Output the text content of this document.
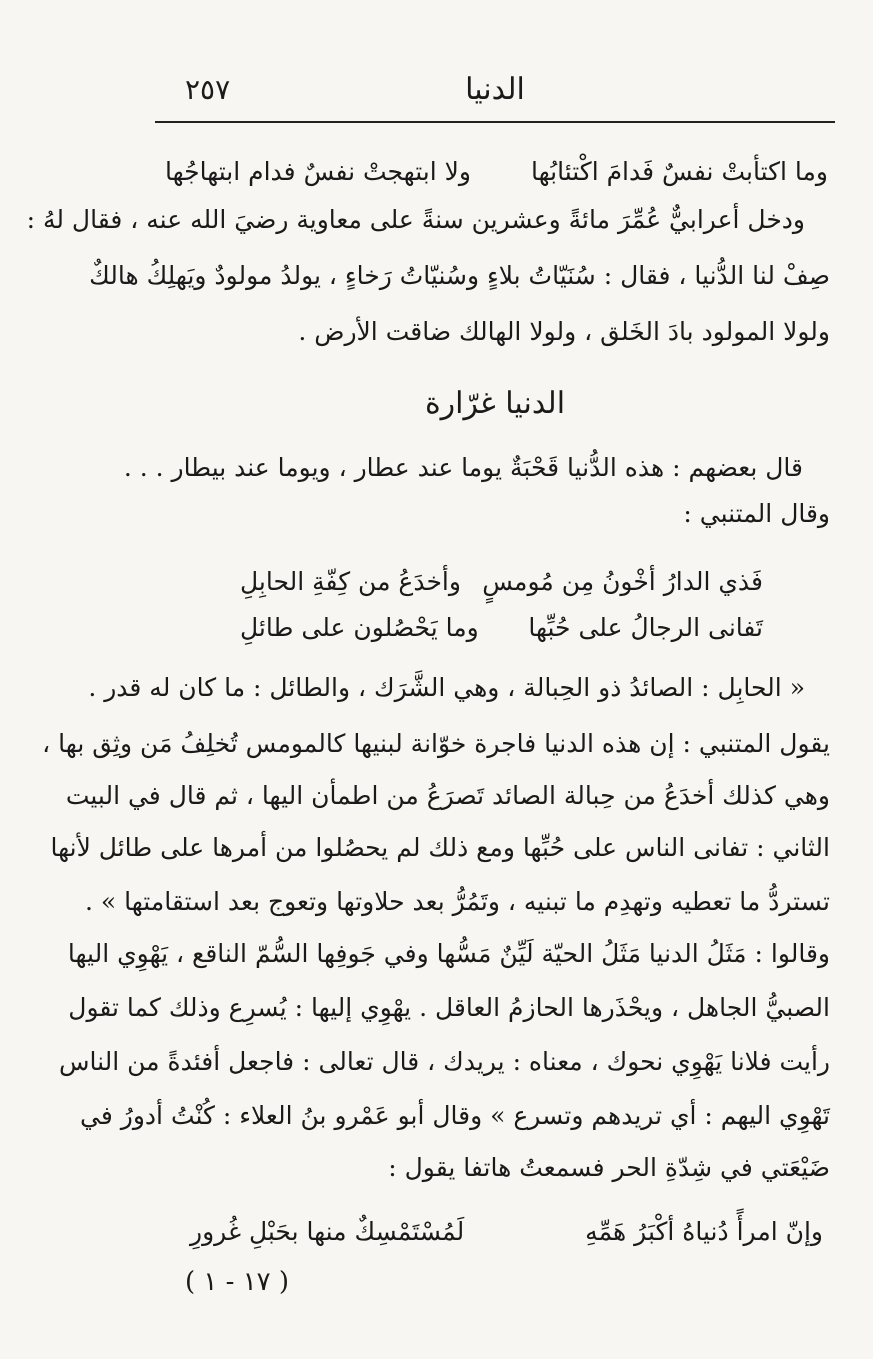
الدنيا
٢٥٧
وما اكتأبتْ نفسٌ فَدامَ اكْتئابُها
ولا ابتهجتْ نفسٌ فدام ابتهاجُها
ودخل أعرابيٌّ عُمِّرَ مائةً وعشرين سنةً على معاوية رضيَ الله عنه ، فقال لهُ :
صِفْ لنا الدُّنيا ، فقال : سُنَيّاتُ بلاءٍ وسُنيّاتُ رَخاءٍ ، يولدُ مولودٌ ويَهلِكُ هالكٌ
ولولا المولود بادَ الخَلق ، ولولا الهالك ضاقت الأرض .
الدنيا غرّارة
قال بعضهم : هذه الدُّنيا قَحْبَةٌ يوما عند عطار ، ويوما عند بيطار . . .
وقال المتنبي :
فَذي الدارُ أخْونُ مِن مُومسٍ
وأخدَعُ من كِفّةِ الحابِلِ
تَفانى الرجالُ على حُبِّها
وما يَحْصُلون على طائلِ
« الحابِل : الصائدُ ذو الحِبالة ، وهي الشَّرَك ، والطائل : ما كان له قدر .
يقول المتنبي : إن هذه الدنيا فاجرة خوّانة لبنيها كالمومس تُخلِفُ مَن وثِق بها ،
وهي كذلك أخدَعُ من حِبالة الصائد تَصرَعُ من اطمأن اليها ، ثم قال في البيت
الثاني : تفانى الناس على حُبِّها ومع ذلك لم يحصُلوا من أمرها على طائل لأنها
تستردُّ ما تعطيه وتهدِم ما تبنيه ، وتَمُرُّ بعد حلاوتها وتعوج بعد استقامتها » .
وقالوا : مَثَلُ الدنيا مَثَلُ الحيّة لَيِّنٌ مَسُّها وفي جَوفِها السُّمّ الناقع ، يَهْوِي اليها
الصبيُّ الجاهل ، ويحْذَرها الحازمُ العاقل . يهْوِي إليها : يُسرِع وذلك كما تقول
رأيت فلانا يَهْوِي نحوك ، معناه : يريدك ، قال تعالى : فاجعل أفئدةً من الناس
تَهْوِي اليهم : أي تريدهم وتسرع » وقال أبو عَمْرو بنُ العلاء : كُنْتُ أدورُ في
ضَيْعَتي في شِدّةِ الحر فسمعتُ هاتفا يقول :
وإنّ امرأً دُنياهُ أكْبَرُ هَمِّهِ
لَمُسْتَمْسِكٌ منها بحَبْلِ غُرورِ
( ١٧ - ١ )
